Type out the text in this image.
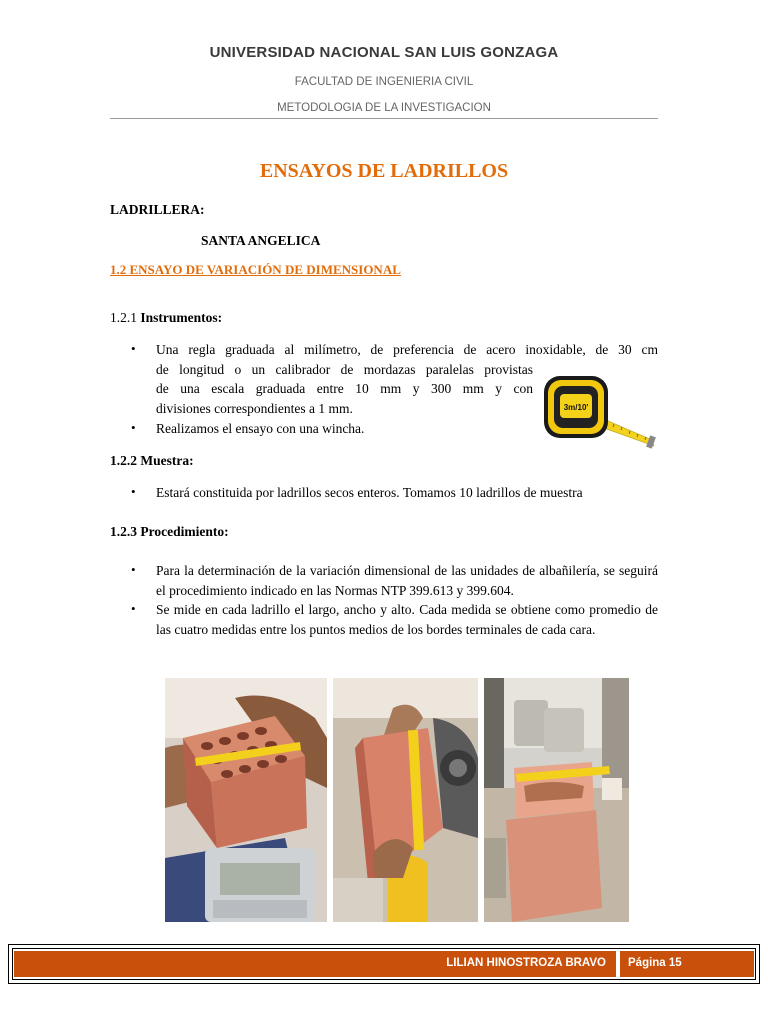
UNIVERSIDAD NACIONAL SAN LUIS GONZAGA
FACULTAD DE INGENIERIA CIVIL
METODOLOGIA DE LA INVESTIGACION
ENSAYOS DE LADRILLOS
LADRILLERA:
SANTA ANGELICA
1.2 ENSAYO DE VARIACIÓN DE DIMENSIONAL
1.2.1 Instrumentos:
• Una regla graduada al milímetro, de preferencia de acero inoxidable, de 30 cm
de longitud o un calibrador de mordazas paralelas provistas
de una escala graduada entre 10 mm y 300 mm y con
divisiones correspondientes a 1 mm.
• Realizamos el ensayo con una wincha.
3m/10'
1.2.2 Muestra:
• Estará constituida por ladrillos secos enteros. Tomamos 10 ladrillos de muestra
1.2.3 Procedimiento:
• Para la determinación de la variación dimensional de las unidades de albañilería, se seguirá el procedimiento indicado en las Normas NTP 399.613 y 399.604.
• Se mide en cada ladrillo el largo, ancho y alto. Cada medida se obtiene como promedio de las cuatro medidas entre los puntos medios de los bordes terminales de cada cara.
LILIAN HINOSTROZA BRAVO Página 15
